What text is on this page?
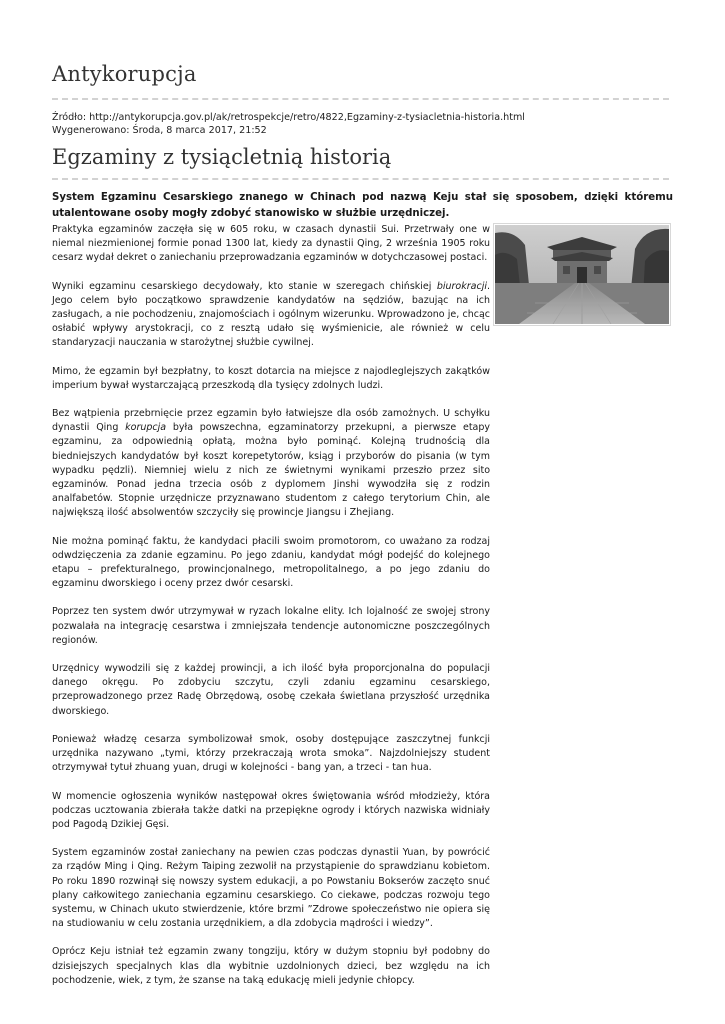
Antykorupcja
Źródło: http://antykorupcja.gov.pl/ak/retrospekcje/retro/4822,Egzaminy-z-tysiacletnia-historia.html
Wygenerowano: Środa, 8 marca 2017, 21:52
Egzaminy z tysiącletnią historią

System Egzaminu Cesarskiego znanego w Chinach pod nazwą Keju stał się sposobem, dzięki któremu utalentowane osoby mogły zdobyć stanowisko w służbie urzędniczej.

Praktyka egzaminów zaczęła się w 605 roku, w czasach dynastii Sui. Przetrwały one w niemal niezmienionej formie ponad 1300 lat, kiedy za dynastii Qing, 2 września 1905 roku cesarz wydał dekret o zaniechaniu przeprowadzania egzaminów w dotychczasowej postaci.

Wyniki egzaminu cesarskiego decydowały, kto stanie w szeregach chińskiej biurokracji. Jego celem było początkowo sprawdzenie kandydatów na sędziów, bazując na ich zasługach, a nie pochodzeniu, znajomościach i ogólnym wizerunku. Wprowadzono je, chcąc osłabić wpływy arystokracji, co z resztą udało się wyśmienicie, ale również w celu standaryzacji nauczania w starożytnej służbie cywilnej.

Mimo, że egzamin był bezpłatny, to koszt dotarcia na miejsce z najodleglejszych zakątków imperium bywał wystarczającą przeszkodą dla tysięcy zdolnych ludzi.

Bez wątpienia przebrnięcie przez egzamin było łatwiejsze dla osób zamożnych. U schyłku dynastii Qing korupcja była powszechna, egzaminatorzy przekupni, a pierwsze etapy egzaminu, za odpowiednią opłatą, można było pominąć. Kolejną trudnością dla biedniejszych kandydatów był koszt korepetytorów, ksiąg i przyborów do pisania (w tym wypadku pędzli). Niemniej wielu z nich ze świetnymi wynikami przeszło przez sito egzaminów. Ponad jedna trzecia osób z dyplomem Jinshi wywodziła się z rodzin analfabetów. Stopnie urzędnicze przyznawano studentom z całego terytorium Chin, ale największą ilość absolwentów szczyciły się prowincje Jiangsu i Zhejiang.

Nie można pominąć faktu, że kandydaci płacili swoim promotorom, co uważano za rodzaj odwdzięczenia za zdanie egzaminu. Po jego zdaniu, kandydat mógł podejść do kolejnego etapu – prefekturalnego, prowincjonalnego, metropolitalnego, a po jego zdaniu do egzaminu dworskiego i oceny przez dwór cesarski.

Poprzez ten system dwór utrzymywał w ryzach lokalne elity. Ich lojalność ze swojej strony pozwalała na integrację cesarstwa i zmniejszała tendencje autonomiczne poszczególnych regionów.

Urzędnicy wywodzili się z każdej prowincji, a ich ilość była proporcjonalna do populacji danego okręgu. Po zdobyciu szczytu, czyli zdaniu egzaminu cesarskiego, przeprowadzonego przez Radę Obrzędową, osobę czekała świetlana przyszłość urzędnika dworskiego.

Ponieważ władzę cesarza symbolizował smok, osoby dostępujące zaszczytnej funkcji urzędnika nazywano „tymi, którzy przekraczają wrota smoka”. Najzdolniejszy student otrzymywał tytuł zhuang yuan, drugi w kolejności - bang yan, a trzeci - tan hua.

W momencie ogłoszenia wyników następował okres świętowania wśród młodzieży, która podczas ucztowania zbierała także datki na przepiękne ogrody i których nazwiska widniały pod Pagodą Dzikiej Gęsi.

System egzaminów został zaniechany na pewien czas podczas dynastii Yuan, by powrócić za rządów Ming i Qing. Reżym Taiping zezwolił na przystąpienie do sprawdzianu kobietom. Po roku 1890 rozwinął się nowszy system edukacji, a po Powstaniu Bokserów zaczęto snuć plany całkowitego zaniechania egzaminu cesarskiego. Co ciekawe, podczas rozwoju tego systemu, w Chinach ukuto stwierdzenie, które brzmi ”Zdrowe społeczeństwo nie opiera się na studiowaniu w celu zostania urzędnikiem, a dla zdobycia mądrości i wiedzy”.

Oprócz Keju istniał też egzamin zwany tongziju, który w dużym stopniu był podobny do dzisiejszych specjalnych klas dla wybitnie uzdolnionych dzieci, bez względu na ich pochodzenie, wiek, z tym, że szanse na taką edukację mieli jedynie chłopcy.
